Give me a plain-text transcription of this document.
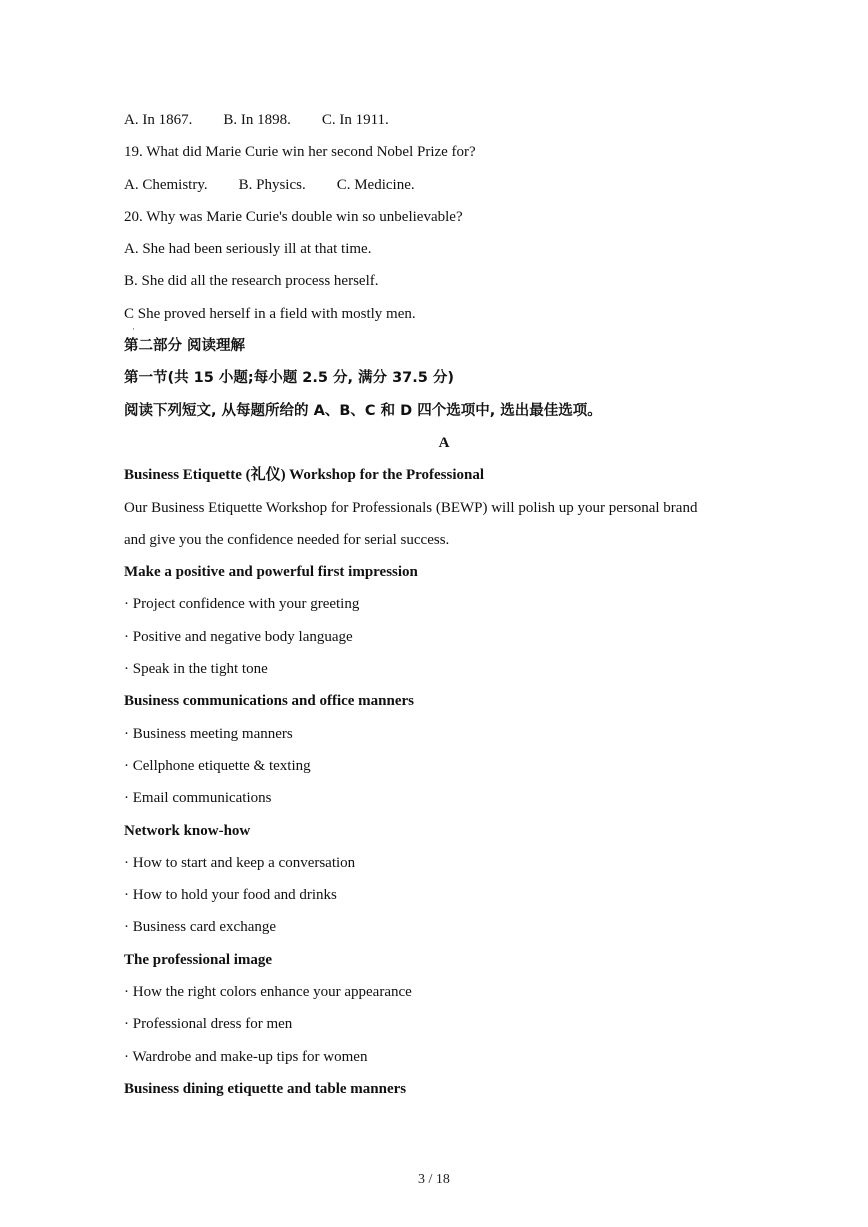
A. In 1867. B. In 1898. C. In 1911.
19. What did Marie Curie win her second Nobel Prize for?
A. Chemistry. B. Physics. C. Medicine.
20. Why was Marie Curie's double win so unbelievable?
A. She had been seriously ill at that time.
B. She did all the research process herself.
C She proved herself in a field with mostly men.
第二部分 阅读理解
第一节(共 15 小题;每小题 2.5 分, 满分 37.5 分)
阅读下列短文, 从每题所给的 A、B、C 和 D 四个选项中, 选出最佳选项。
A
Business Etiquette (礼仪) Workshop for the Professional
Our Business Etiquette Workshop for Professionals (BEWP) will polish up your personal brand
and give you the confidence needed for serial success.
Make a positive and powerful first impression
· Project confidence with your greeting
· Positive and negative body language
· Speak in the tight tone
Business communications and office manners
· Business meeting manners
· Cellphone etiquette & texting
· Email communications
Network know-how
· How to start and keep a conversation
· How to hold your food and drinks
· Business card exchange
The professional image
· How the right colors enhance your appearance
· Professional dress for men
· Wardrobe and make-up tips for women
Business dining etiquette and table manners
·
3 / 18
